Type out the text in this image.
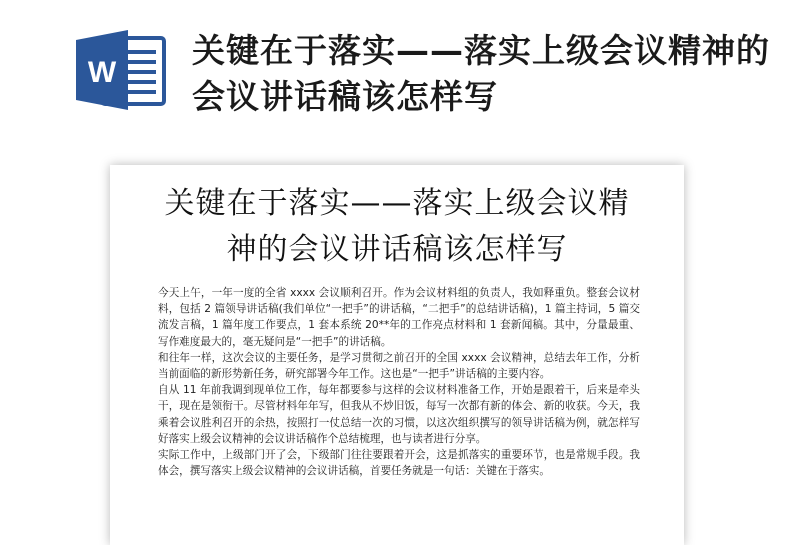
W
关键在于落实——落实上级会议精神的会议讲话稿该怎样写
关键在于落实——落实上级会议精
神的会议讲话稿该怎样写

今天上午，一年一度的全省 xxxx 会议顺利召开。作为会议材料组的负责人，我如释重负。整套会议材料，包括 2 篇领导讲话稿(我们单位“一把手”的讲话稿，“二把手”的总结讲话稿)，1 篇主持词，5 篇交流发言稿，1 篇年度工作要点，1 套本系统 20**年的工作亮点材料和 1 套新闻稿。其中，分量最重、写作难度最大的，毫无疑问是“一把手”的讲话稿。

和往年一样，这次会议的主要任务，是学习贯彻之前召开的全国 xxxx 会议精神，总结去年工作，分析当前面临的新形势新任务，研究部署今年工作。这也是“一把手”讲话稿的主要内容。

自从 11 年前我调到现单位工作，每年都要参与这样的会议材料准备工作，开始是跟着干，后来是牵头干，现在是领衔干。尽管材料年年写，但我从不炒旧饭，每写一次都有新的体会、新的收获。今天，我乘着会议胜利召开的余热，按照打一仗总结一次的习惯，以这次组织撰写的领导讲话稿为例，就怎样写好落实上级会议精神的会议讲话稿作个总结梳理，也与读者进行分享。

实际工作中，上级部门开了会，下级部门往往要跟着开会，这是抓落实的重要环节，也是常规手段。我体会，撰写落实上级会议精神的会议讲话稿，首要任务就是一句话：关键在于落实。
